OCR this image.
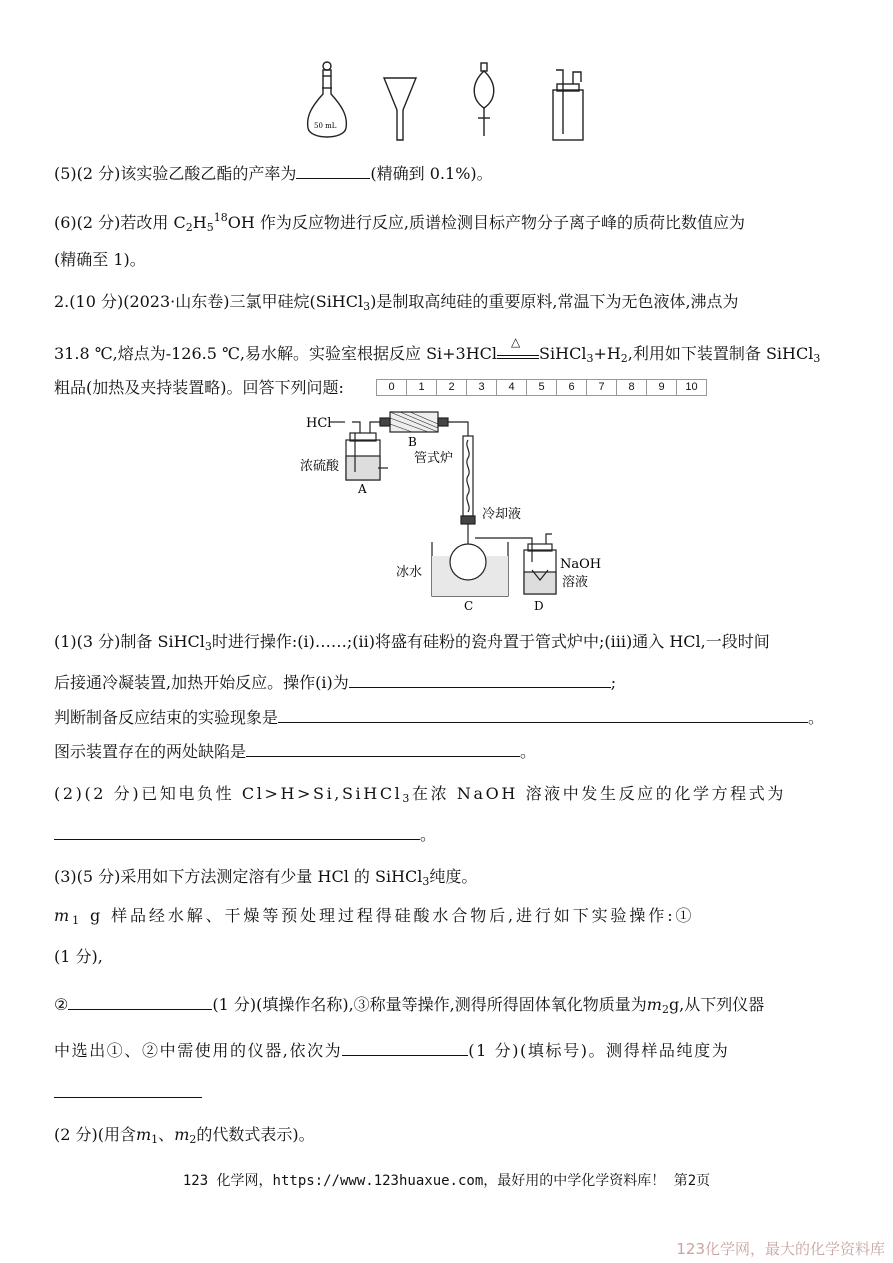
50 mL
(5)(2 分)该实验乙酸乙酯的产率为	(精确到 0.1%)。
(6)(2 分)若改用 $C_2H_5^{18}OH$ 作为反应物进行反应,质谱检测目标产物分子离子峰的质荷比数值应为
(精确至 1)。
2.(10 分)(2023·山东卷)三氯甲硅烷(SiHCl$_3$)是制取高纯硅的重要原料,常温下为无色液体,沸点为
31.8 ℃,熔点为-126.5 ℃,易水解。实验室根据反应 Si+3HCl
△
$SiHCl_3+H_2$,利用如下装置制备 SiHCl$_3$
粗品(加热及夹持装置略)。回答下列问题:	0	1	2	3	4	5	6	7	8	9	10
HCl
浓硫酸
A
B
管式炉
冷却液
冰水
C
NaOH
溶液
D
(1)(3 分)制备 SiHCl$_3$时进行操作:(ⅰ)……;(ⅱ)将盛有硅粉的瓷舟置于管式炉中;(ⅲ)通入 HCl,一段时间
后接通冷凝装置,加热开始反应。操作(ⅰ)为	;
判断制备反应结束的实验现象是	。
图示装置存在的两处缺陷是	。
(2)(2 分)已知电负性 Cl>H>Si,SiHCl$_3$在浓 NaOH 溶液中发生反应的化学方程式为
。
(3)(5 分)采用如下方法测定溶有少量 HCl 的 SiHCl$_3$纯度。
$m_1$ g 样品经水解、干燥等预处理过程得硅酸水合物后,进行如下实验操作:①
(1 分),
②	(1 分)(填操作名称),③称量等操作,测得所得固体氧化物质量为$m_2g$,从下列仪器
中选出①、②中需使用的仪器,依次为	(1 分)(填标号)。测得样品纯度为
(2 分)(用含$m_1$、$m_2$的代数式表示)。
123 化学网，https://www.123huaxue.com，最好用的中学化学资料库！ 第2页
123化学网，最大的化学资料库
